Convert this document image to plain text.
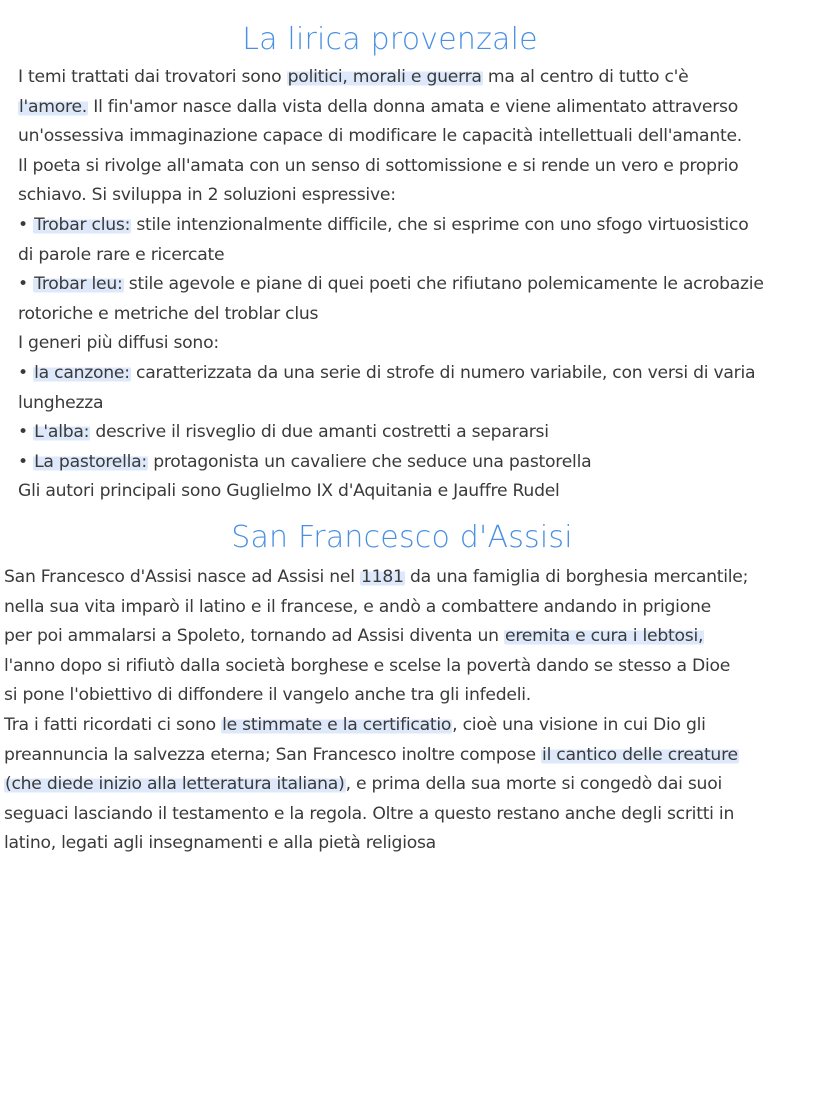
La lirica provenzale
I temi trattati dai trovatori sono politici, morali e guerra ma al centro di tutto c'è
l'amore. Il fin'amor nasce dalla vista della donna amata e viene alimentato attraverso
un'ossessiva immaginazione capace di modificare le capacità intellettuali dell'amante.
Il poeta si rivolge all'amata con un senso di sottomissione e si rende un vero e proprio
schiavo. Si sviluppa in 2 soluzioni espressive:
• Trobar clus: stile intenzionalmente difficile, che si esprime con uno sfogo virtuosistico
di parole rare e ricercate
• Trobar leu: stile agevole e piane di quei poeti che rifiutano polemicamente le acrobazie
rotoriche e metriche del troblar clus
I generi più diffusi sono:
• la canzone: caratterizzata da una serie di strofe di numero variabile, con versi di varia
lunghezza
• L'alba: descrive il risveglio di due amanti costretti a separarsi
• La pastorella: protagonista un cavaliere che seduce una pastorella
Gli autori principali sono Guglielmo IX d'Aquitania e Jauffre Rudel
San Francesco d'Assisi
San Francesco d'Assisi nasce ad Assisi nel 1181 da una famiglia di borghesia mercantile;
nella sua vita imparò il latino e il francese, e andò a combattere andando in prigione
per poi ammalarsi a Spoleto, tornando ad Assisi diventa un eremita e cura i lebtosi,
l'anno dopo si rifiutò dalla società borghese e scelse la povertà dando se stesso a Dioe
si pone l'obiettivo di diffondere il vangelo anche tra gli infedeli.
Tra i fatti ricordati ci sono le stimmate e la certificatio, cioè una visione in cui Dio gli
preannuncia la salvezza eterna; San Francesco inoltre compose il cantico delle creature
(che diede inizio alla letteratura italiana), e prima della sua morte si congedò dai suoi
seguaci lasciando il testamento e la regola. Oltre a questo restano anche degli scritti in
latino, legati agli insegnamenti e alla pietà religiosa
